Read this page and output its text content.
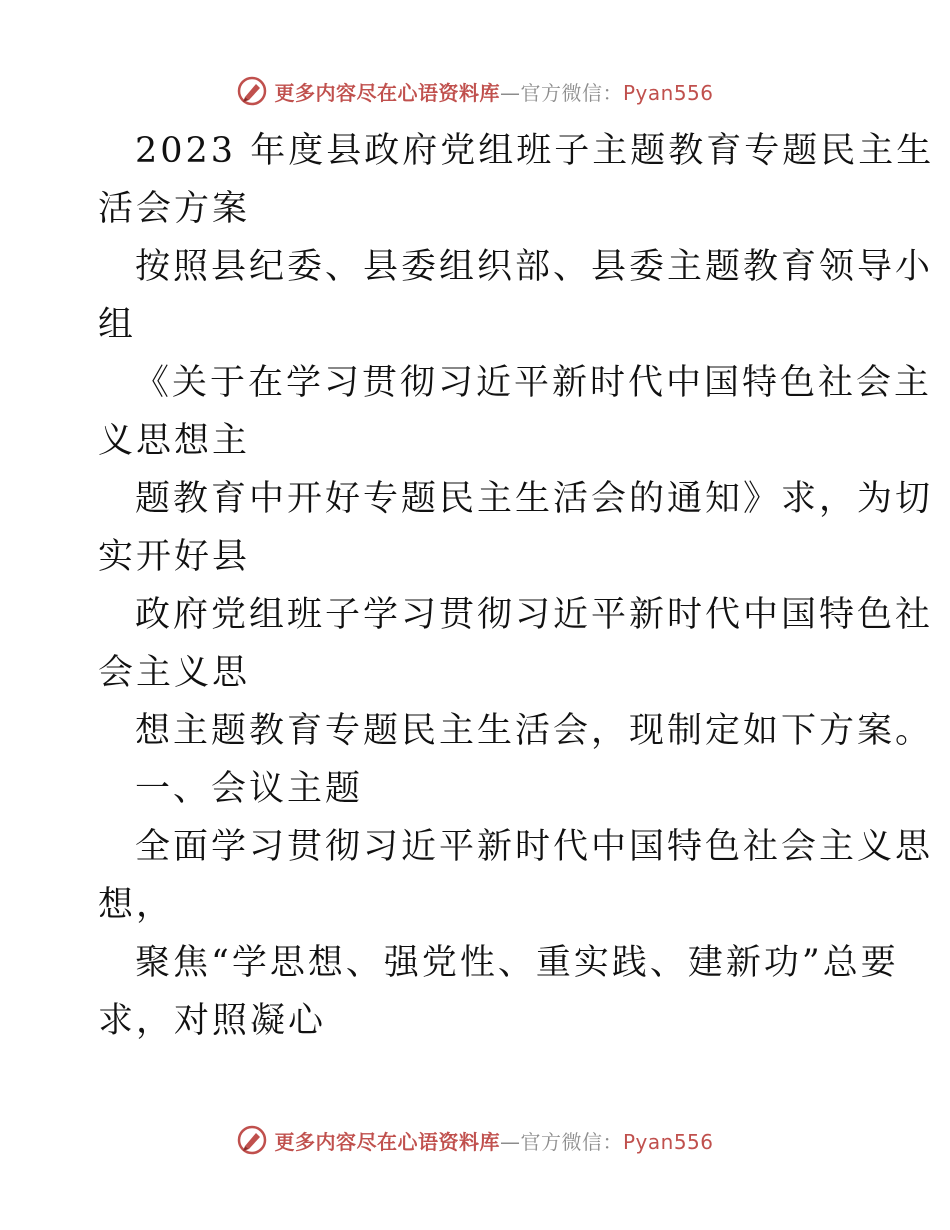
更多内容尽在心语资料库—官方微信：Pyan556
2023 年度县政府党组班子主题教育专题民主生
活会方案
按照县纪委、县委组织部、县委主题教育领导小
组
《关于在学习贯彻习近平新时代中国特色社会主
义思想主
题教育中开好专题民主生活会的通知》求，为切
实开好县
政府党组班子学习贯彻习近平新时代中国特色社
会主义思
想主题教育专题民主生活会，现制定如下方案。
一、会议主题
全面学习贯彻习近平新时代中国特色社会主义思
想，
聚焦“学思想、强党性、重实践、建新功”总要
求，对照凝心
更多内容尽在心语资料库—官方微信：Pyan556
